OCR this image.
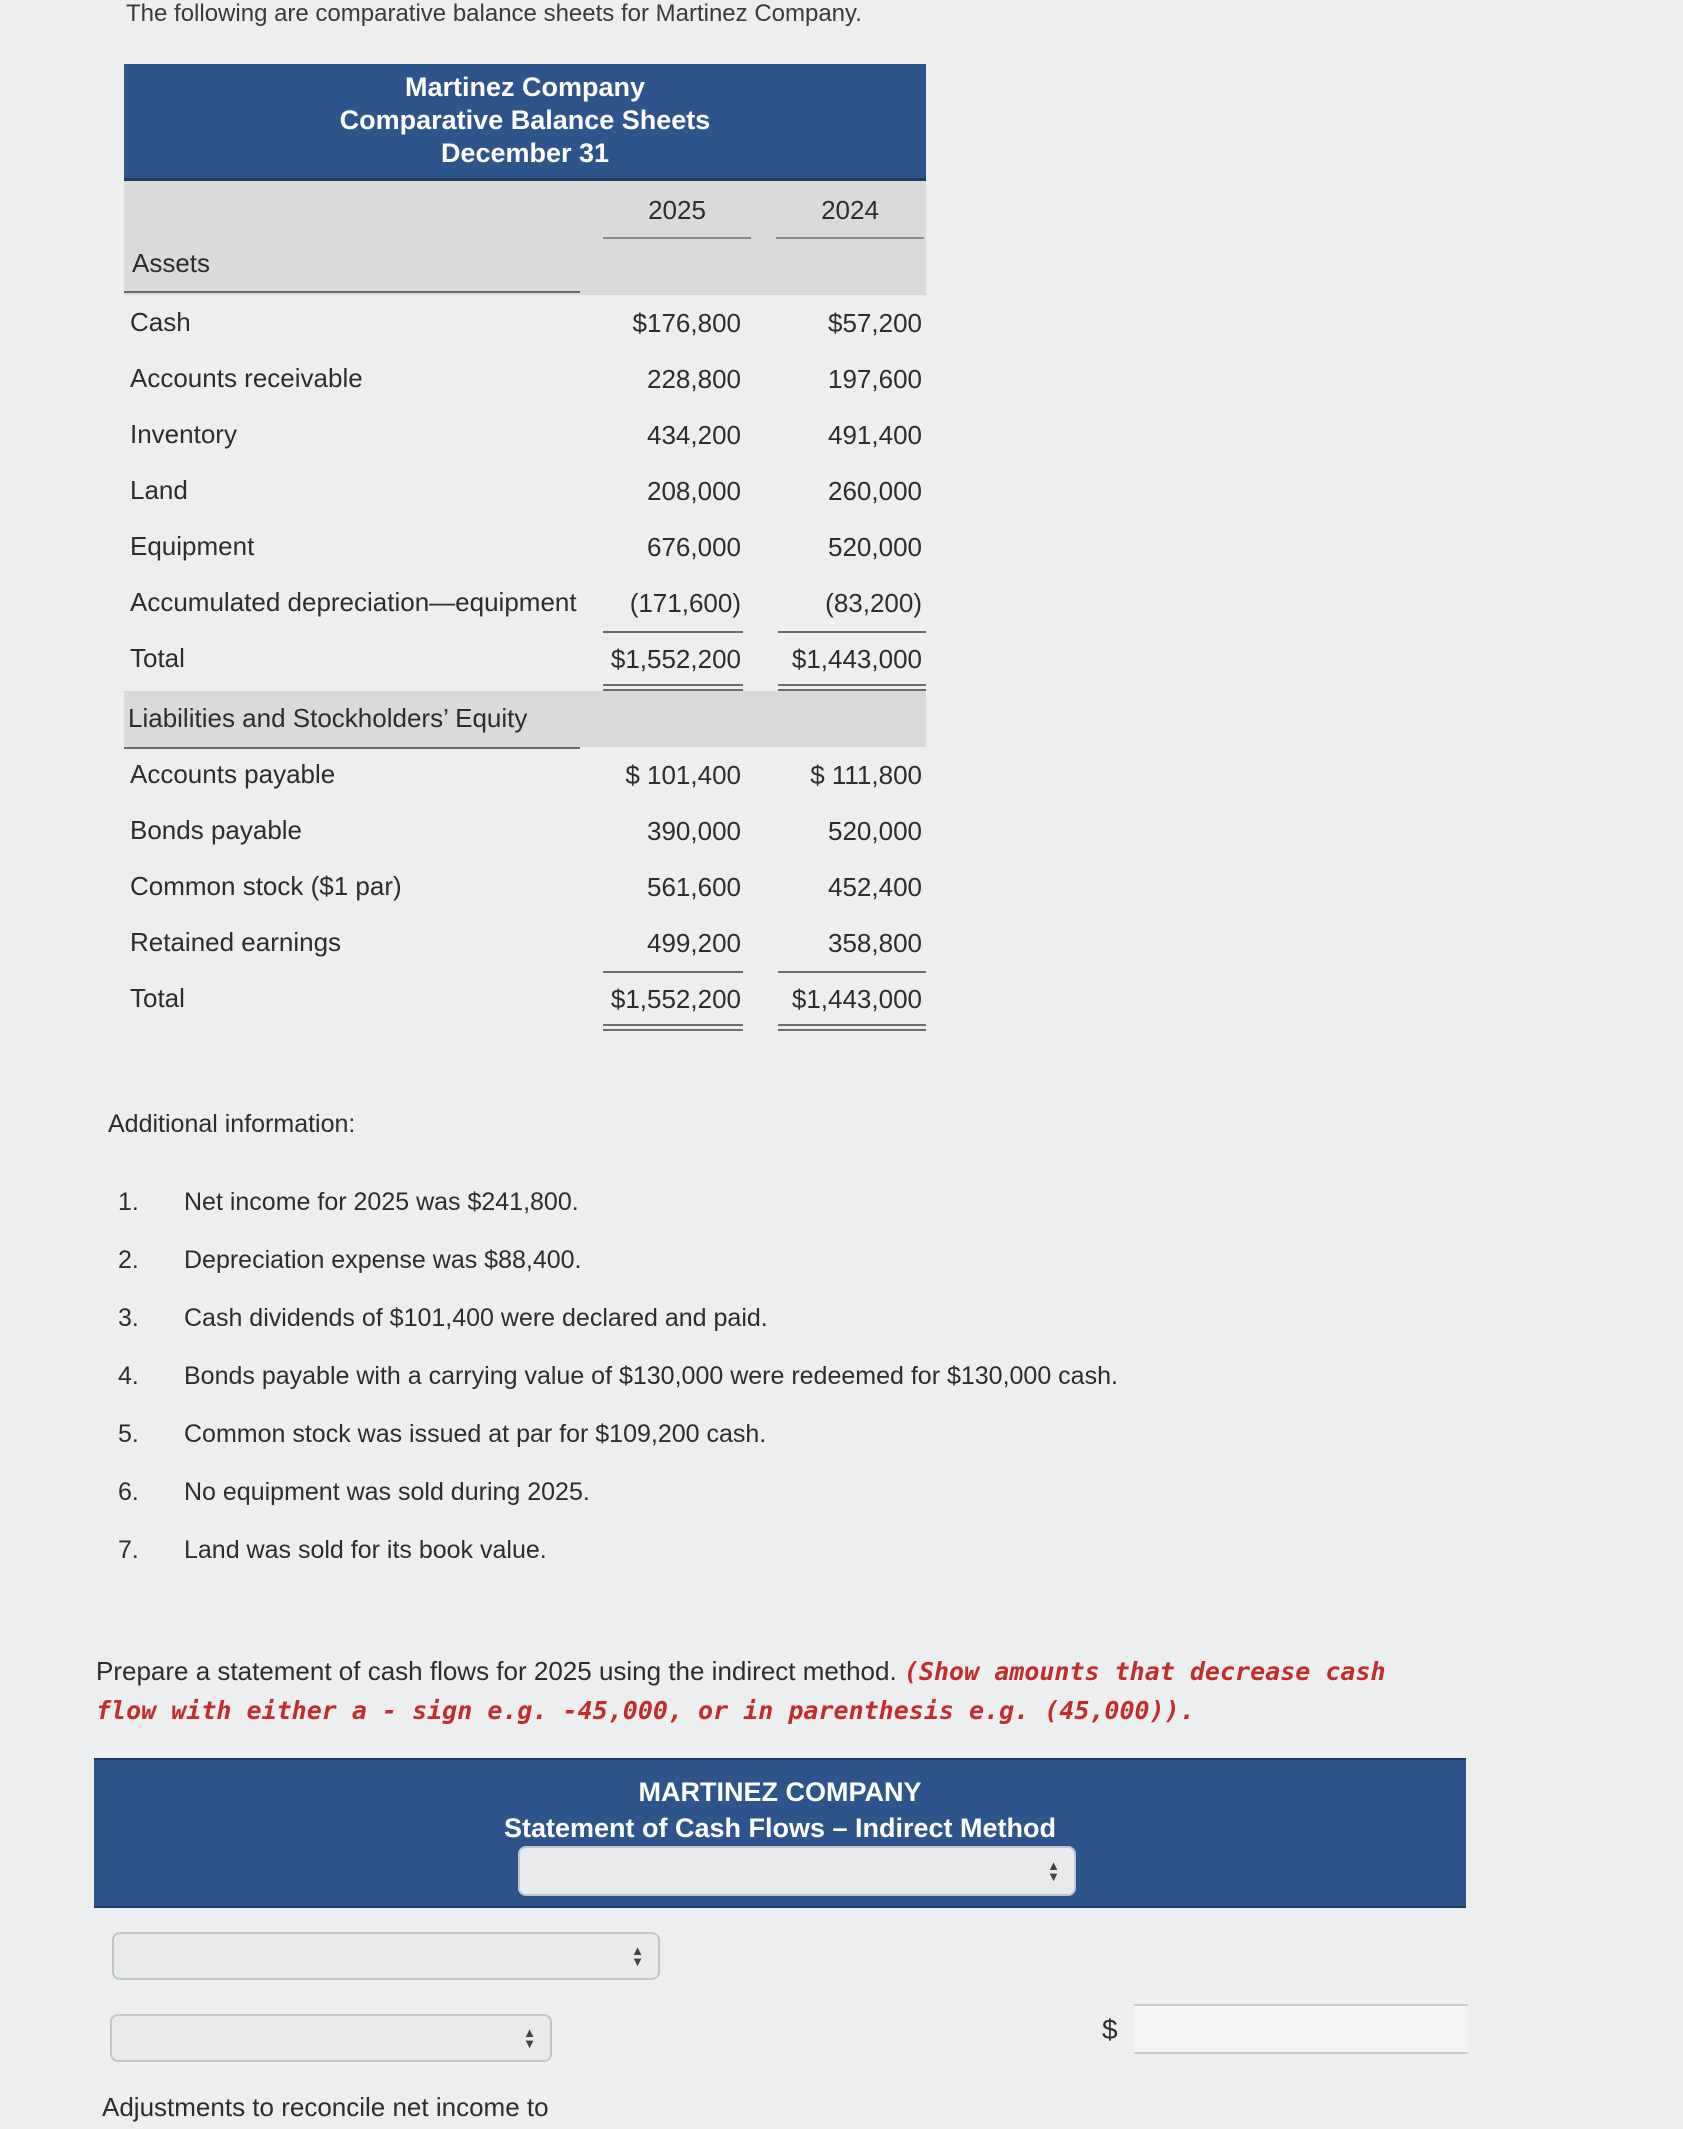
The following are comparative balance sheets for Martinez Company.
Martinez Company
Comparative Balance Sheets
December 31
2025	2024
Assets
Cash	$176,800	$57,200
Accounts receivable	228,800	197,600
Inventory	434,200	491,400
Land	208,000	260,000
Equipment	676,000	520,000
Accumulated depreciation—equipment	(171,600)	(83,200)
Total	$1,552,200	$1,443,000
Liabilities and Stockholders’ Equity
Accounts payable	$ 101,400	$ 111,800
Bonds payable	390,000	520,000
Common stock ($1 par)	561,600	452,400
Retained earnings	499,200	358,800
Total	$1,552,200	$1,443,000
Additional information:
1.	Net income for 2025 was $241,800.
2.	Depreciation expense was $88,400.
3.	Cash dividends of $101,400 were declared and paid.
4.	Bonds payable with a carrying value of $130,000 were redeemed for $130,000 cash.
5.	Common stock was issued at par for $109,200 cash.
6.	No equipment was sold during 2025.
7.	Land was sold for its book value.
Prepare a statement of cash flows for 2025 using the indirect method. (Show amounts that decrease cash flow with either a - sign e.g. -45,000, or in parenthesis e.g. (45,000)).
MARTINEZ COMPANY
Statement of Cash Flows – Indirect Method
▲
▼
▲
▼
▲
▼	$
Adjustments to reconcile net income to
